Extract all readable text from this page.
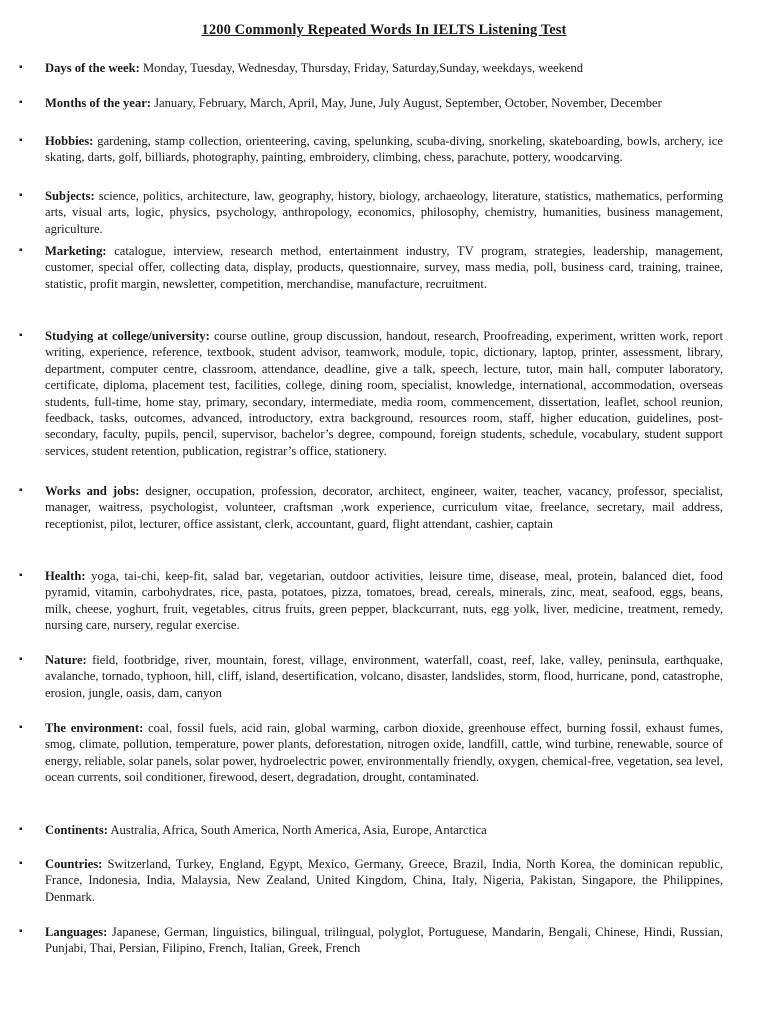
1200 Commonly Repeated Words In IELTS Listening Test
▪ Days of the week: Monday, Tuesday, Wednesday, Thursday, Friday, Saturday,Sunday, weekdays, weekend
▪ Months of the year: January, February, March, April, May, June, July August, September, October, November, December
▪ Hobbies: gardening, stamp collection, orienteering, caving, spelunking, scuba-diving, snorkeling, skateboarding, bowls, archery, ice skating, darts, golf, billiards, photography, painting, embroidery, climbing, chess, parachute, pottery, woodcarving.
▪ Subjects: science, politics, architecture, law, geography, history, biology, archaeology, literature, statistics, mathematics, performing arts, visual arts, logic, physics, psychology, anthropology, economics, philosophy, chemistry, humanities, business management, agriculture.
▪ Marketing: catalogue, interview, research method, entertainment industry, TV program, strategies, leadership, management, customer, special offer, collecting data, display, products, questionnaire, survey, mass media, poll, business card, training, trainee, statistic, profit margin, newsletter, competition, merchandise, manufacture, recruitment.
▪ Studying at college/university: course outline, group discussion, handout, research, Proofreading, experiment, written work, report writing, experience, reference, textbook, student advisor, teamwork, module, topic, dictionary, laptop, printer, assessment, library, department, computer centre, classroom, attendance, deadline, give a talk, speech, lecture, tutor, main hall, computer laboratory, certificate, diploma, placement test, facilities, college, dining room, specialist, knowledge, international, accommodation, overseas students, full-time, home stay, primary, secondary, intermediate, media room, commencement, dissertation, leaflet, school reunion, feedback, tasks, outcomes, advanced, introductory, extra background, resources room, staff, higher education, guidelines, post-secondary, faculty, pupils, pencil, supervisor, bachelor’s degree, compound, foreign students, schedule, vocabulary, student support services, student retention, publication, registrar’s office, stationery.
▪ Works and jobs: designer, occupation, profession, decorator, architect, engineer, waiter, teacher, vacancy, professor, specialist, manager, waitress, psychologist‚ volunteer, craftsman ,work experience, curriculum vitae, freelance, secretary, mail address, receptionist, pilot, lecturer, office assistant, clerk, accountant, guard, flight attendant, cashier, captain
▪ Health: yoga, tai-chi, keep-fit, salad bar, vegetarian, outdoor activities, leisure time, disease, meal, protein, balanced diet, food pyramid, vitamin, carbohydrates, rice, pasta, potatoes, pizza, tomatoes, bread, cereals, minerals, zinc, meat, seafood, eggs, beans, milk, cheese, yoghurt, fruit, vegetables, citrus fruits, green pepper, blackcurrant, nuts, egg yolk, liver, medicine‚ treatment, remedy, nursing care, nursery, regular exercise.
▪ Nature: field, footbridge, river, mountain, forest, village, environment, waterfall, coast, reef, lake, valley, peninsula, earthquake, avalanche, tornado, typhoon, hill, cliff, island, desertification, volcano, disaster, landslides, storm, flood, hurricane, pond, catastrophe, erosion, jungle, oasis, dam, canyon
▪ The environment: coal, fossil fuels, acid rain, global warming, carbon dioxide, greenhouse effect, burning fossil, exhaust fumes, smog, climate, pollution, temperature, power plants, deforestation, nitrogen oxide, landfill, cattle, wind turbine, renewable, source of energy, reliable, solar panels, solar power, hydroelectric power, environmentally friendly, oxygen, chemical-free, vegetation, sea level, ocean currents, soil conditioner, firewood, desert, degradation, drought, contaminated.
▪ Continents: Australia, Africa, South America, North America, Asia, Europe, Antarctica
▪ Countries: Switzerland, Turkey, England, Egypt, Mexico, Germany, Greece, Brazil, India, North Korea, the dominican republic, France, Indonesia, India, Malaysia, New Zealand, United Kingdom, China, Italy, Nigeria, Pakistan, Singapore, the Philippines, Denmark.
▪ Languages: Japanese, German, linguistics, bilingual, trilingual, polyglot, Portuguese, Mandarin, Bengali, Chinese, Hindi, Russian, Punjabi, Thai, Persian, Filipino, French, Italian, Greek, French
